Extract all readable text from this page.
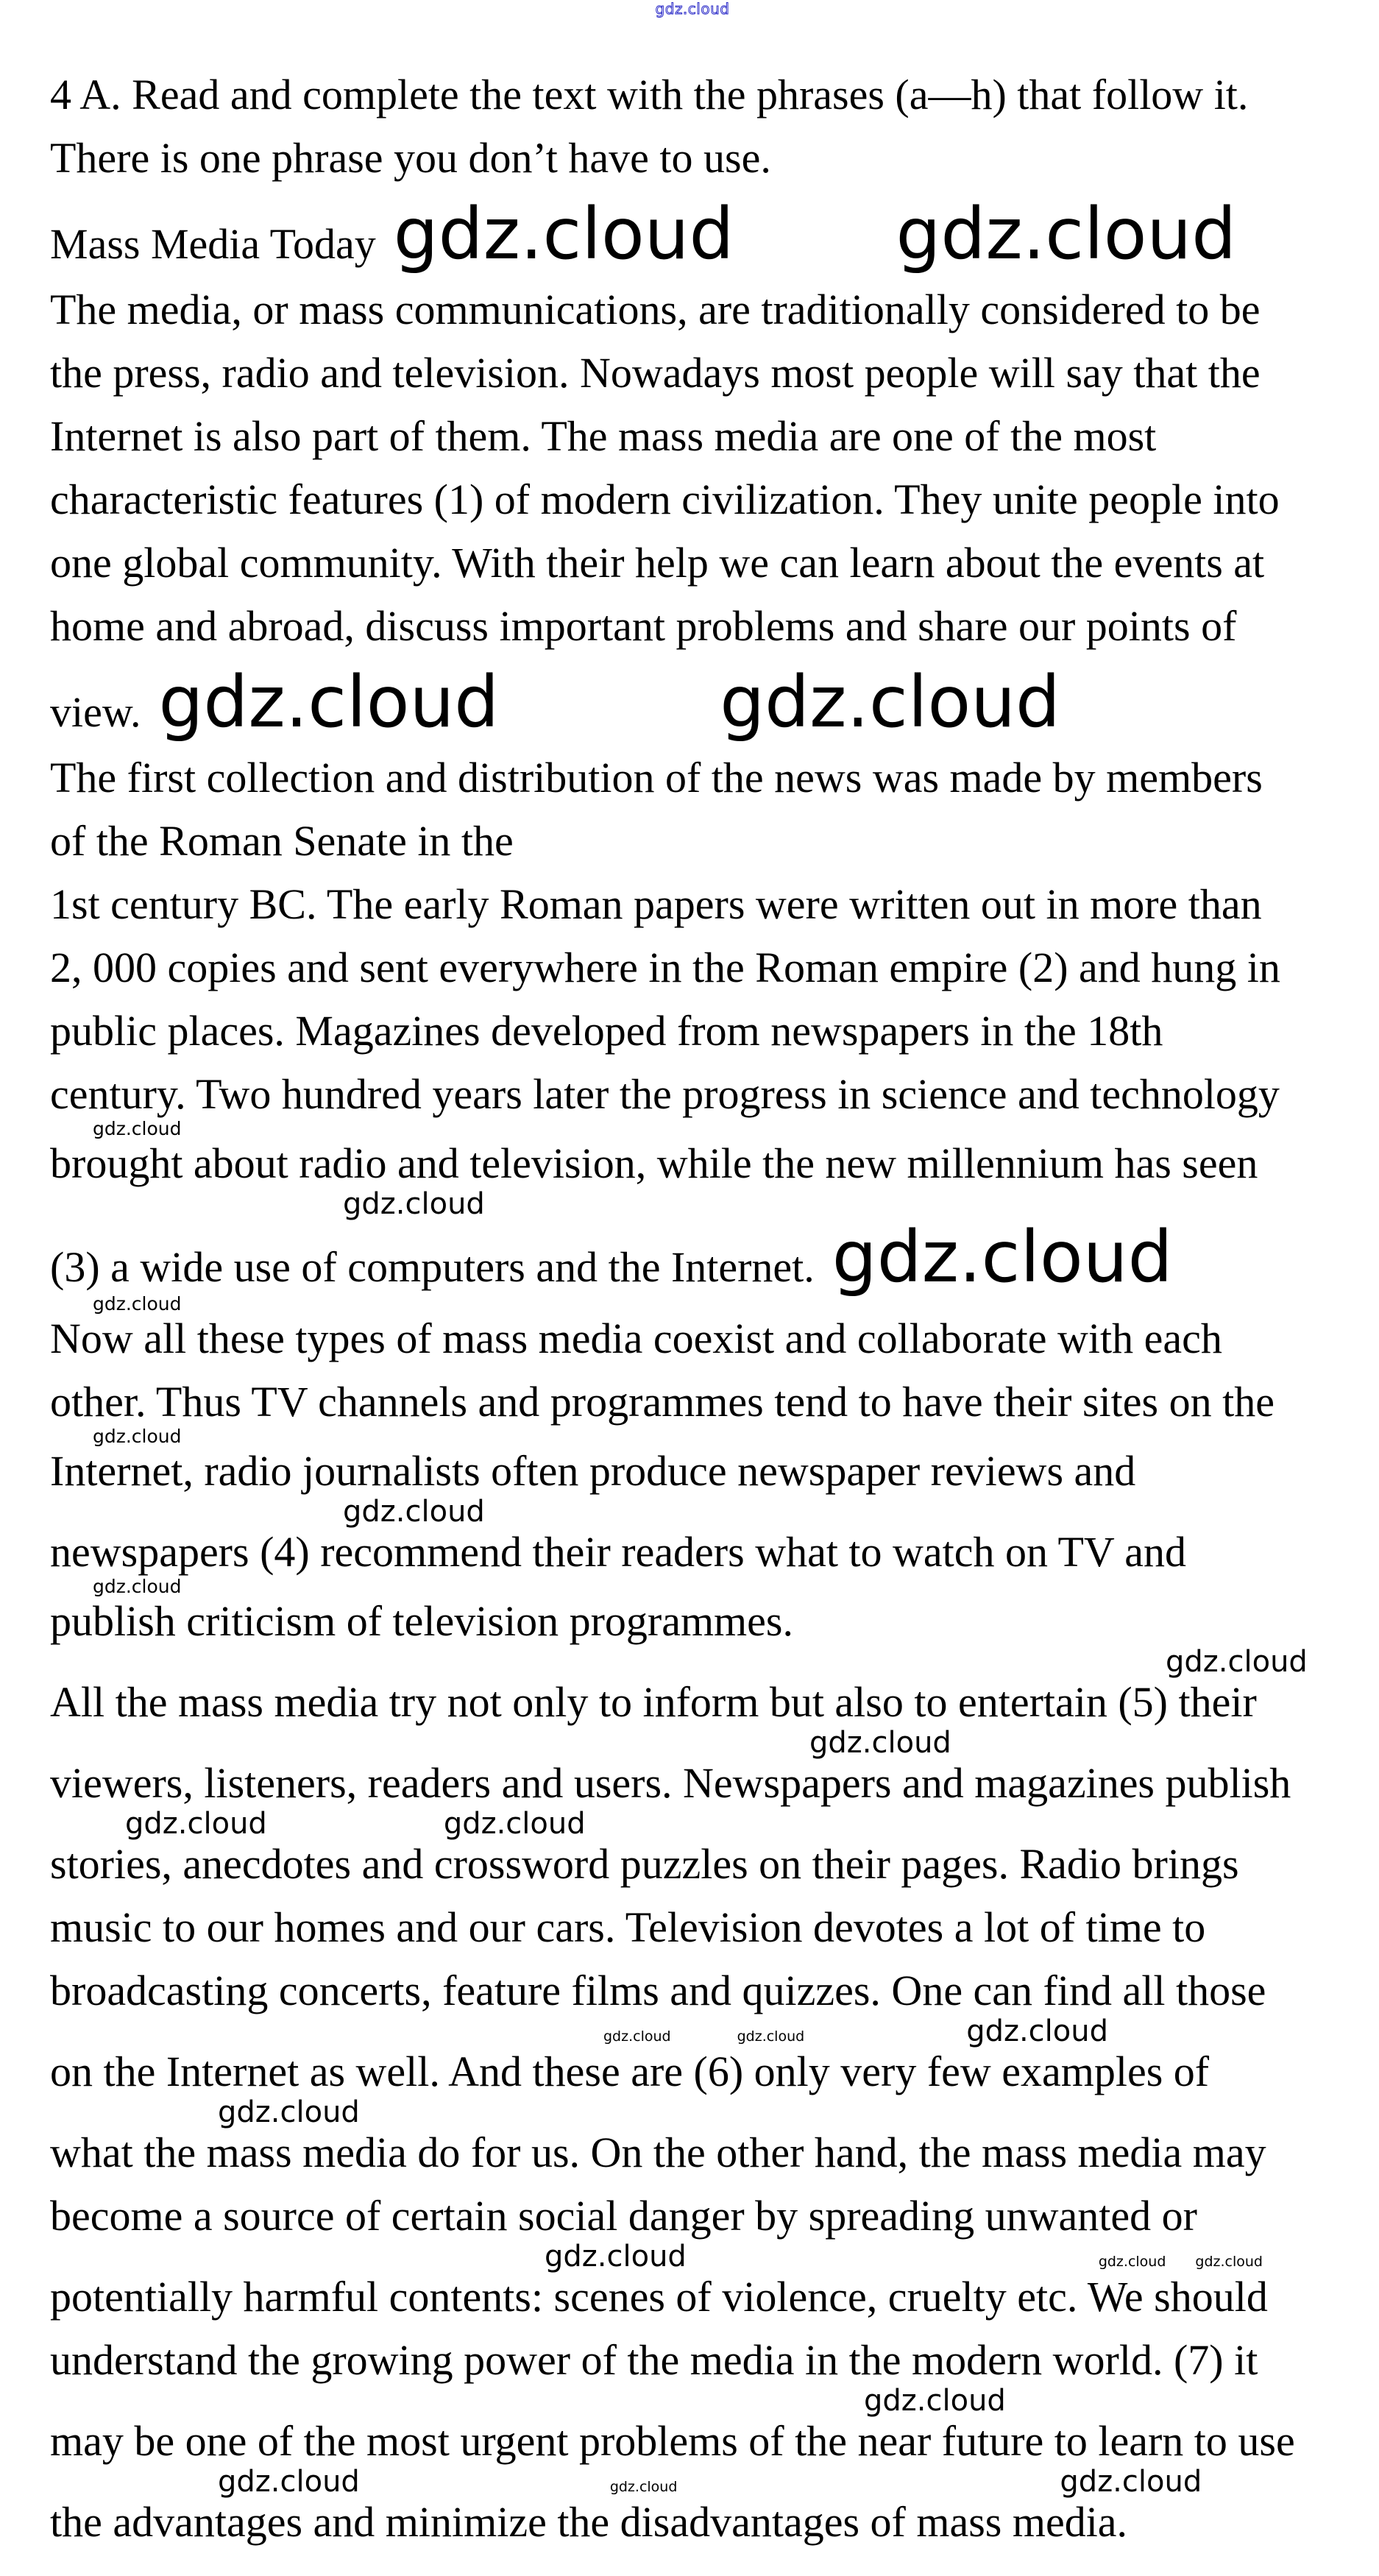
gdz.cloud
4 A. Read and complete the text with the phrases (a—h) that follow it.
There is one phrase you don’t have to use.
Mass Media Today gdz.cloud gdz.cloud
The media, or mass communications, are traditionally considered to be
the press, radio and television. Nowadays most people will say that the
Internet is also part of them. The mass media are one of the most
characteristic features (1) of modern civilization. They unite people into
one global community. With their help we can learn about the events at
home and abroad, discuss important problems and share our points of
view. gdz.cloud	gdz.cloud
The first collection and distribution of the news was made by members
of the Roman Senate in the
1st century BC. The early Roman papers were written out in more than
2, 000 copies and sent everywhere in the Roman empire (2) and hung in
public places. Magazines developed from newspapers in the 18th
century. Two hundred years later the progress in science and technology
gdz.cloud
brought about radio and television, while the new millennium has seen
gdz.cloud
(3) a wide use of computers and the Internet. gdz.cloud
gdz.cloud
Now all these types of mass media coexist and collaborate with each
other. Thus TV channels and programmes tend to have their sites on the
gdz.cloud
Internet, radio journalists often produce newspaper reviews and
gdz.cloud
newspapers (4) recommend their readers what to watch on TV and
gdz.cloud
publish criticism of television programmes.
gdz.cloud
All the mass media try not only to inform but also to entertain (5) their
gdz.cloud
viewers, listeners, readers and users. Newspapers and magazines publish
gdz.cloud	gdz.cloud
stories, anecdotes and crossword puzzles on their pages. Radio brings
music to our homes and our cars. Television devotes a lot of time to
broadcasting concerts, feature films and quizzes. One can find all those
gdz.cloud	gdz.cloud	gdz.cloud
on the Internet as well. And these are (6) only very few examples of
gdz.cloud
what the mass media do for us. On the other hand, the mass media may
become a source of certain social danger by spreading unwanted or
gdz.cloud	gdz.cloud gdz.cloud
potentially harmful contents: scenes of violence, cruelty etc. We should
understand the growing power of the media in the modern world. (7) it
gdz.cloud
may be one of the most urgent problems of the near future to learn to use
gdz.cloud	gdz.cloud	gdz.cloud
the advantages and minimize the disadvantages of mass media.
